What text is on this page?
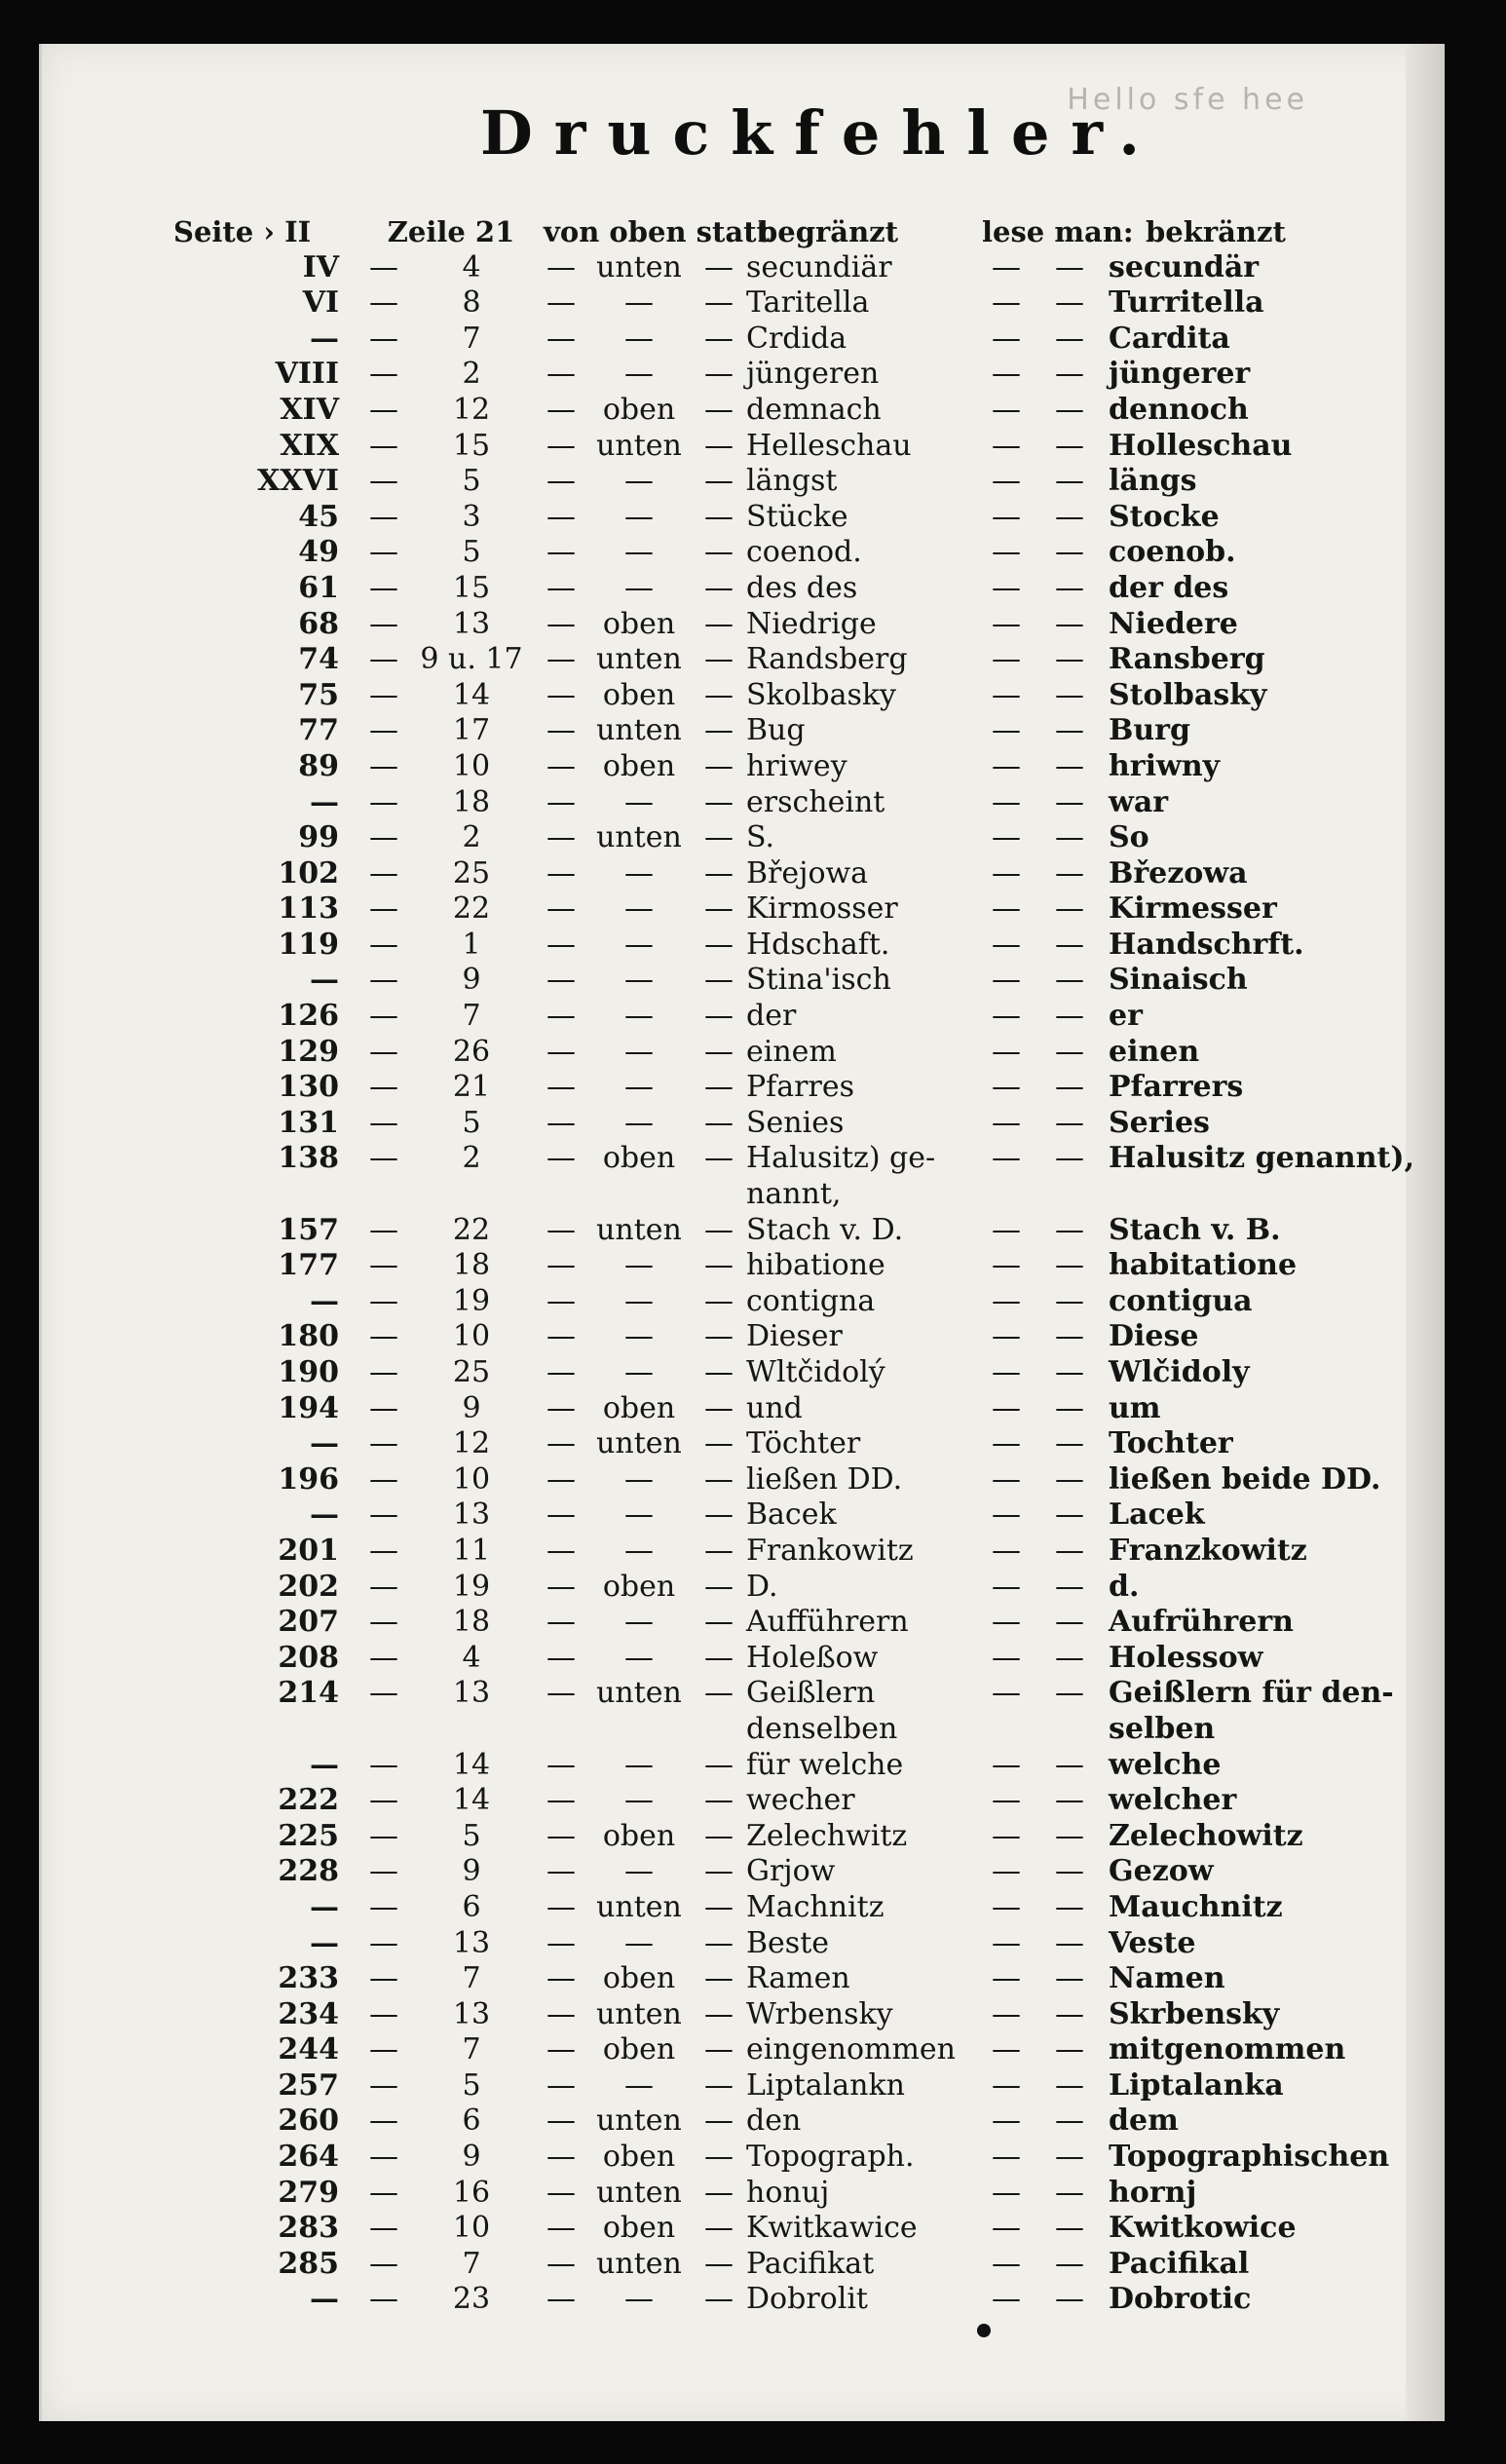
Druckfehler.
Hello sfe hee
Seite › II	Zeile 21	von oben statt
begränzt	lese man: bekränzt
IV —	4	— unten — secundiär	—	— secundär
VI —	8	—	—	— Taritella	—	— Turritella
— —	7	—	—	— Crdida	—	— Cardita
VIII —	2	—	—	— jüngeren	—	— jüngerer
XIV —	12	— oben — demnach	—	— dennoch
XIX —	15	— unten — Helleschau	—	— Holleschau
XXVI —	5	—	—	— längst	—	— längs
45 —	3	—	—	— Stücke	—	— Stocke
49 —	5	—	—	— coenod.	—	— coenob.
61 —	15	—	—	— des des	—	— der des
68 —	13	— oben — Niedrige	—	— Niedere
74 — 9 u. 17 — unten — Randsberg	—	— Ransberg
75 —	14	— oben — Skolbasky	—	— Stolbasky
77 —	17	— unten — Bug	—	— Burg
89 —	10	— oben — hriwey	—	— hriwny
— —	18	—	—	— erscheint	—	— war
99 —	2	— unten — S.	—	— So
102 —	25	—	—	— Břejowa	—	— Březowa
113 —	22	—	—	— Kirmosser	—	— Kirmesser
119 —	1	—	—	— Hdschaft.	—	— Handschrft.
— —	9	—	—	— Stina'isch	—	— Sinaisch
126 —	7	—	—	— der	—	— er
129 —	26	—	—	— einem	—	— einen
130 —	21	—	—	— Pfarres	—	— Pfarrers
131 —	5	—	—	— Senies	—	— Series
138 —	2	— oben — Halusitz) ge-	—	— Halusitz genannt),
nannt,
157 —	22	— unten — Stach v. D.	—	— Stach v. B.
177 —	18	—	—	— hibatione	—	— habitatione
— —	19	—	—	— contigna	—	— contigua
180 —	10	—	—	— Dieser	—	— Diese
190 —	25	—	—	— Wltčidolý	—	— Wlčidoly
194 —	9	— oben — und	—	— um
— —	12	— unten — Töchter	—	— Tochter
196 —	10	—	—	— ließen DD.	—	— ließen beide DD.
— —	13	—	—	— Bacek	—	— Lacek
201 —	11	—	—	— Frankowitz	—	— Franzkowitz
202 —	19	— oben — D.	—	— d.
207 —	18	—	—	— Aufführern	—	— Aufrührern
208 —	4	—	—	— Holeßow	—	— Holessow
214 —	13	— unten — Geißlern	—	— Geißlern für den-
denselben	selben
— —	14	—	—	— für welche	—	— welche
222 —	14	—	—	— wecher	—	— welcher
225 —	5	— oben — Zelechwitz	—	— Zelechowitz
228 —	9	—	—	— Grjow	—	— Gezow
— —	6	— unten — Machnitz	—	— Mauchnitz
— —	13	—	—	— Beste	—	— Veste
233 —	7	— oben — Ramen	—	— Namen
234 —	13	— unten — Wrbensky	—	— Skrbensky
244 —	7	— oben — eingenommen	—	— mitgenommen
257 —	5	—	—	— Liptalankn	—	— Liptalanka
260 —	6	— unten — den	—	— dem
264 —	9	— oben — Topograph.	—	— Topographischen
279 —	16	— unten — honuj	—	— hornj
283 —	10	— oben — Kwitkawice	—	— Kwitkowice
285 —	7	— unten — Pacifikat	—	— Pacifikal
— —	23	—	—	— Dobrolit	—	— Dobrotic
